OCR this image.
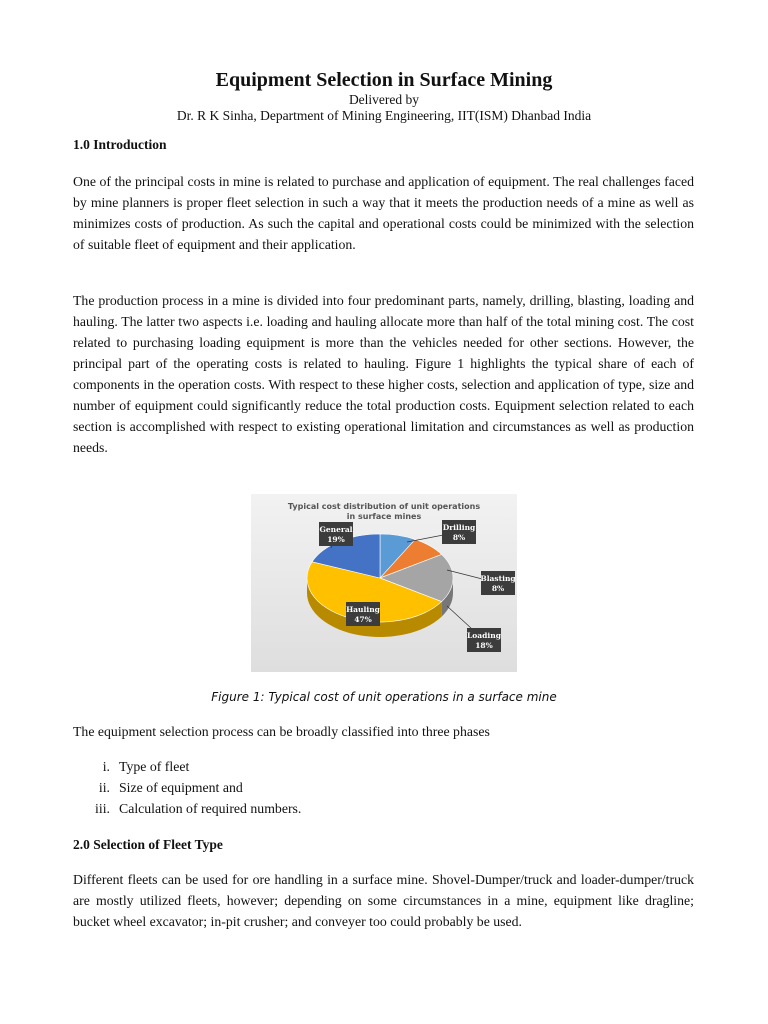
Equipment Selection in Surface Mining
Delivered by
Dr. R K Sinha, Department of Mining Engineering, IIT(ISM) Dhanbad India
1.0 Introduction

One of the principal costs in mine is related to purchase and application of equipment. The real challenges faced by mine planners is proper fleet selection in such a way that it meets the production needs of a mine as well as minimizes costs of production. As such the capital and operational costs could be minimized with the selection of suitable fleet of equipment and their application.

The production process in a mine is divided into four predominant parts, namely, drilling, blasting, loading and hauling. The latter two aspects i.e. loading and hauling allocate more than half of the total mining cost. The cost related to purchasing loading equipment is more than the vehicles needed for other sections. However, the principal part of the operating costs is related to hauling. Figure 1 highlights the typical share of each of components in the operation costs. With respect to these higher costs, selection and application of type, size and number of equipment could significantly reduce the total production costs. Equipment selection related to each section is accomplished with respect to existing operational limitation and circumstances as well as production needs.

Typical cost distribution of unit operations in surface mines
Drilling
8%
Blasting
8%
Loading
18%
Hauling
47%
General
19%
Figure 1: Typical cost of unit operations in a surface mine

The equipment selection process can be broadly classified into three phases

i. Type of fleet
ii. Size of equipment and
iii. Calculation of required numbers.
2.0 Selection of Fleet Type

Different fleets can be used for ore handling in a surface mine. Shovel-Dumper/truck and loader-dumper/truck are mostly utilized fleets, however; depending on some circumstances in a mine, equipment like dragline; bucket wheel excavator; in-pit crusher; and conveyer too could probably be used.
